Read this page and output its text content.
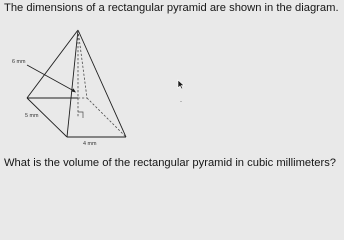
The dimensions of a rectangular pyramid are shown in the diagram.
6 mm
5 mm
4 mm
What is the volume of the rectangular pyramid in cubic millimeters?
